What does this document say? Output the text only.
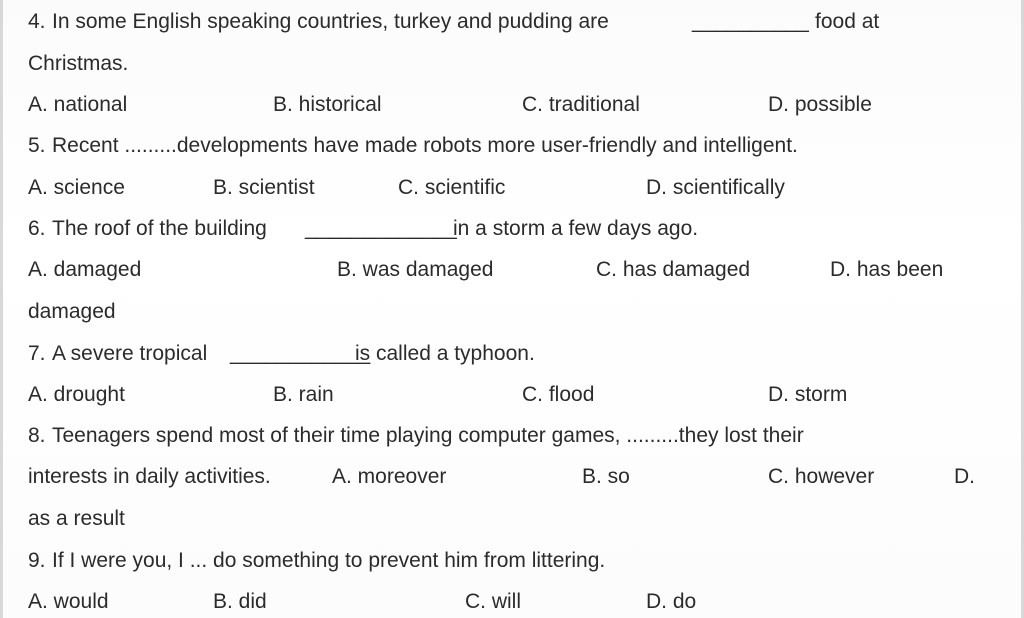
4. In some English speaking countries, turkey and pudding are	__________ food at
Christmas.
A. national	B. historical	C. traditional	D. possible
5. Recent .........developments have made robots more user-friendly and intelligent.
A. science	B. scientist	C. scientific	D. scientifically
6. The roof of the building _____________
in a storm a few days ago.
A. damaged	B. was damaged	C. has damaged	D. has been
damaged
7. A severe tropical ____________
is called a typhoon.
A. drought	B. rain	C. flood	D. storm
8. Teenagers spend most of their time playing computer games, .........they lost their
interests in daily activities.	A. moreover	B. so	C. however	D.
as a result
9. If I were you, I ... do something to prevent him from littering.
A. would	B. did	C. will	D. do
